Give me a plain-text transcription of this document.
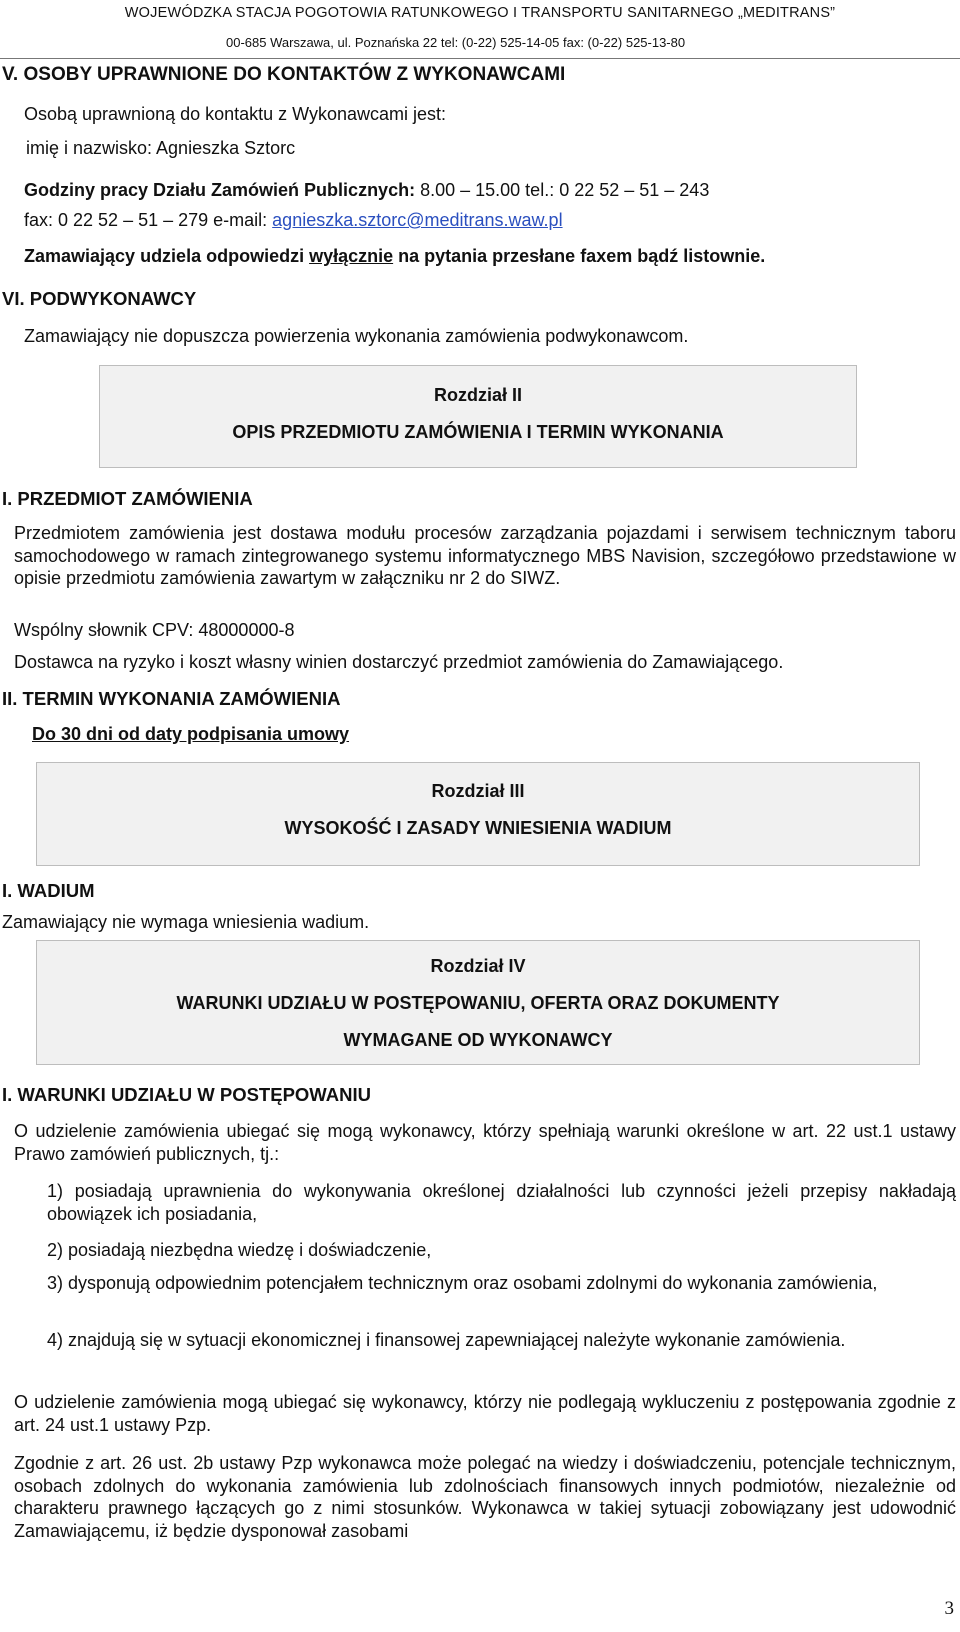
WOJEWÓDZKA STACJA POGOTOWIA RATUNKOWEGO I TRANSPORTU SANITARNEGO „MEDITRANS”
00-685 Warszawa, ul. Poznańska 22 tel: (0-22) 525-14-05 fax: (0-22) 525-13-80
V. OSOBY UPRAWNIONE DO KONTAKTÓW Z WYKONAWCAMI
Osobą uprawnioną do kontaktu z Wykonawcami jest:
imię i nazwisko: Agnieszka Sztorc
Godziny pracy Działu Zamówień Publicznych: 8.00 – 15.00 tel.: 0 22 52 – 51 – 243
fax: 0 22 52 – 51 – 279 e-mail: agnieszka.sztorc@meditrans.waw.pl
Zamawiający udziela odpowiedzi wyłącznie na pytania przesłane faxem bądź listownie.
VI. PODWYKONAWCY
Zamawiający nie dopuszcza powierzenia wykonania zamówienia podwykonawcom.
Rozdział II
OPIS PRZEDMIOTU ZAMÓWIENIA I TERMIN WYKONANIA
I. PRZEDMIOT ZAMÓWIENIA
Przedmiotem zamówienia jest dostawa modułu procesów zarządzania pojazdami i serwisem technicznym taboru samochodowego w ramach zintegrowanego systemu informatycznego MBS Navision, szczegółowo przedstawione w opisie przedmiotu zamówienia zawartym w załączniku nr 2 do SIWZ.
Wspólny słownik CPV: 48000000-8
Dostawca na ryzyko i koszt własny winien dostarczyć przedmiot zamówienia do Zamawiającego.
II. TERMIN WYKONANIA ZAMÓWIENIA
Do 30 dni od daty podpisania umowy
Rozdział III
WYSOKOŚĆ I ZASADY WNIESIENIA WADIUM
I. WADIUM
Zamawiający nie wymaga wniesienia wadium.
Rozdział IV
WARUNKI UDZIAŁU W POSTĘPOWANIU, OFERTA ORAZ DOKUMENTY
WYMAGANE OD WYKONAWCY
I. WARUNKI UDZIAŁU W POSTĘPOWANIU
O udzielenie zamówienia ubiegać się mogą wykonawcy, którzy spełniają warunki określone w art. 22 ust.1 ustawy Prawo zamówień publicznych, tj.:
1) posiadają uprawnienia do wykonywania określonej działalności lub czynności jeżeli przepisy nakładają obowiązek ich posiadania,
2) posiadają niezbędna wiedzę i doświadczenie,
3) dysponują odpowiednim potencjałem technicznym oraz osobami zdolnymi do wykonania zamówienia,
4) znajdują się w sytuacji ekonomicznej i finansowej zapewniającej należyte wykonanie zamówienia.
O udzielenie zamówienia mogą ubiegać się wykonawcy, którzy nie podlegają wykluczeniu z postępowania zgodnie z art. 24 ust.1 ustawy Pzp.
Zgodnie z art. 26 ust. 2b ustawy Pzp wykonawca może polegać na wiedzy i doświadczeniu, potencjale technicznym, osobach zdolnych do wykonania zamówienia lub zdolnościach finansowych innych podmiotów, niezależnie od charakteru prawnego łączących go z nimi stosunków. Wykonawca w takiej sytuacji zobowiązany jest udowodnić Zamawiającemu, iż będzie dysponował zasobami
3
